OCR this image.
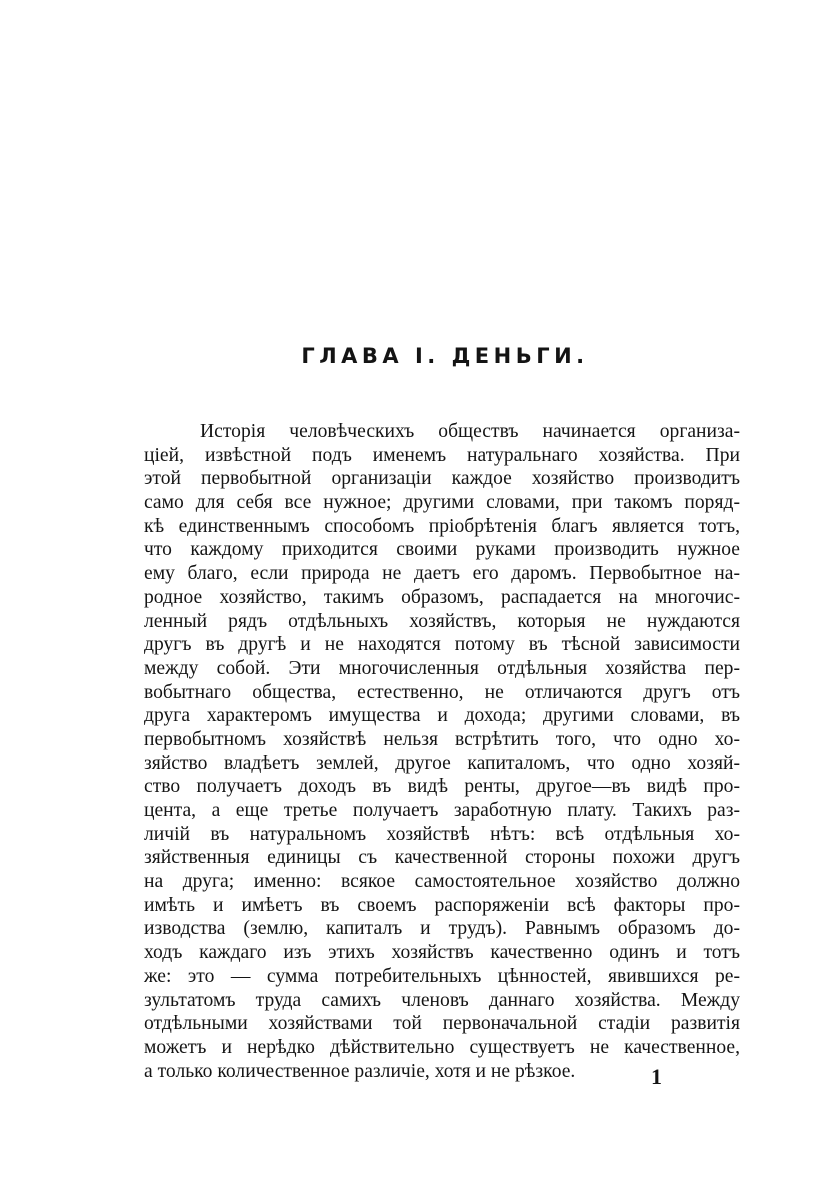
ГЛАВА I. ДЕНЬГИ.
Исторія человѣческихъ обществъ начинается организа-
ціей, извѣстной подъ именемъ натуральнаго хозяйства. При
этой первобытной организаціи каждое хозяйство производитъ
само для себя все нужное; другими словами, при такомъ поряд-
кѣ единственнымъ способомъ пріобрѣтенія благъ является тотъ,
что каждому приходится своими руками производить нужное
ему благо, если природа не даетъ его даромъ. Первобытное на-
родное хозяйство, такимъ образомъ, распадается на многочис-
ленный рядъ отдѣльныхъ хозяйствъ, которыя не нуждаются
другъ въ другѣ и не находятся потому въ тѣсной зависимости
между собой. Эти многочисленныя отдѣльныя хозяйства пер-
вобытнаго общества, естественно, не отличаются другъ отъ
друга характеромъ имущества и дохода; другими словами, въ
первобытномъ хозяйствѣ нельзя встрѣтить того, что одно хо-
зяйство владѣетъ землей, другое капиталомъ, что одно хозяй-
ство получаетъ доходъ въ видѣ ренты, другое—въ видѣ про-
цента, а еще третье получаетъ заработную плату. Такихъ раз-
личій въ натуральномъ хозяйствѣ нѣтъ: всѣ отдѣльныя хо-
зяйственныя единицы съ качественной стороны похожи другъ
на друга; именно: всякое самостоятельное хозяйство должно
имѣть и имѣетъ въ своемъ распоряженіи всѣ факторы про-
изводства (землю, капиталъ и трудъ). Равнымъ образомъ до-
ходъ каждаго изъ этихъ хозяйствъ качественно одинъ и тотъ
же: это — сумма потребительныхъ цѣнностей, явившихся ре-
зультатомъ труда самихъ членовъ даннаго хозяйства. Между
отдѣльными хозяйствами той первоначальной стадіи развитія
можетъ и нерѣдко дѣйствительно существуетъ не качественное,
а только количественное различіе, хотя и не рѣзкое.	1
